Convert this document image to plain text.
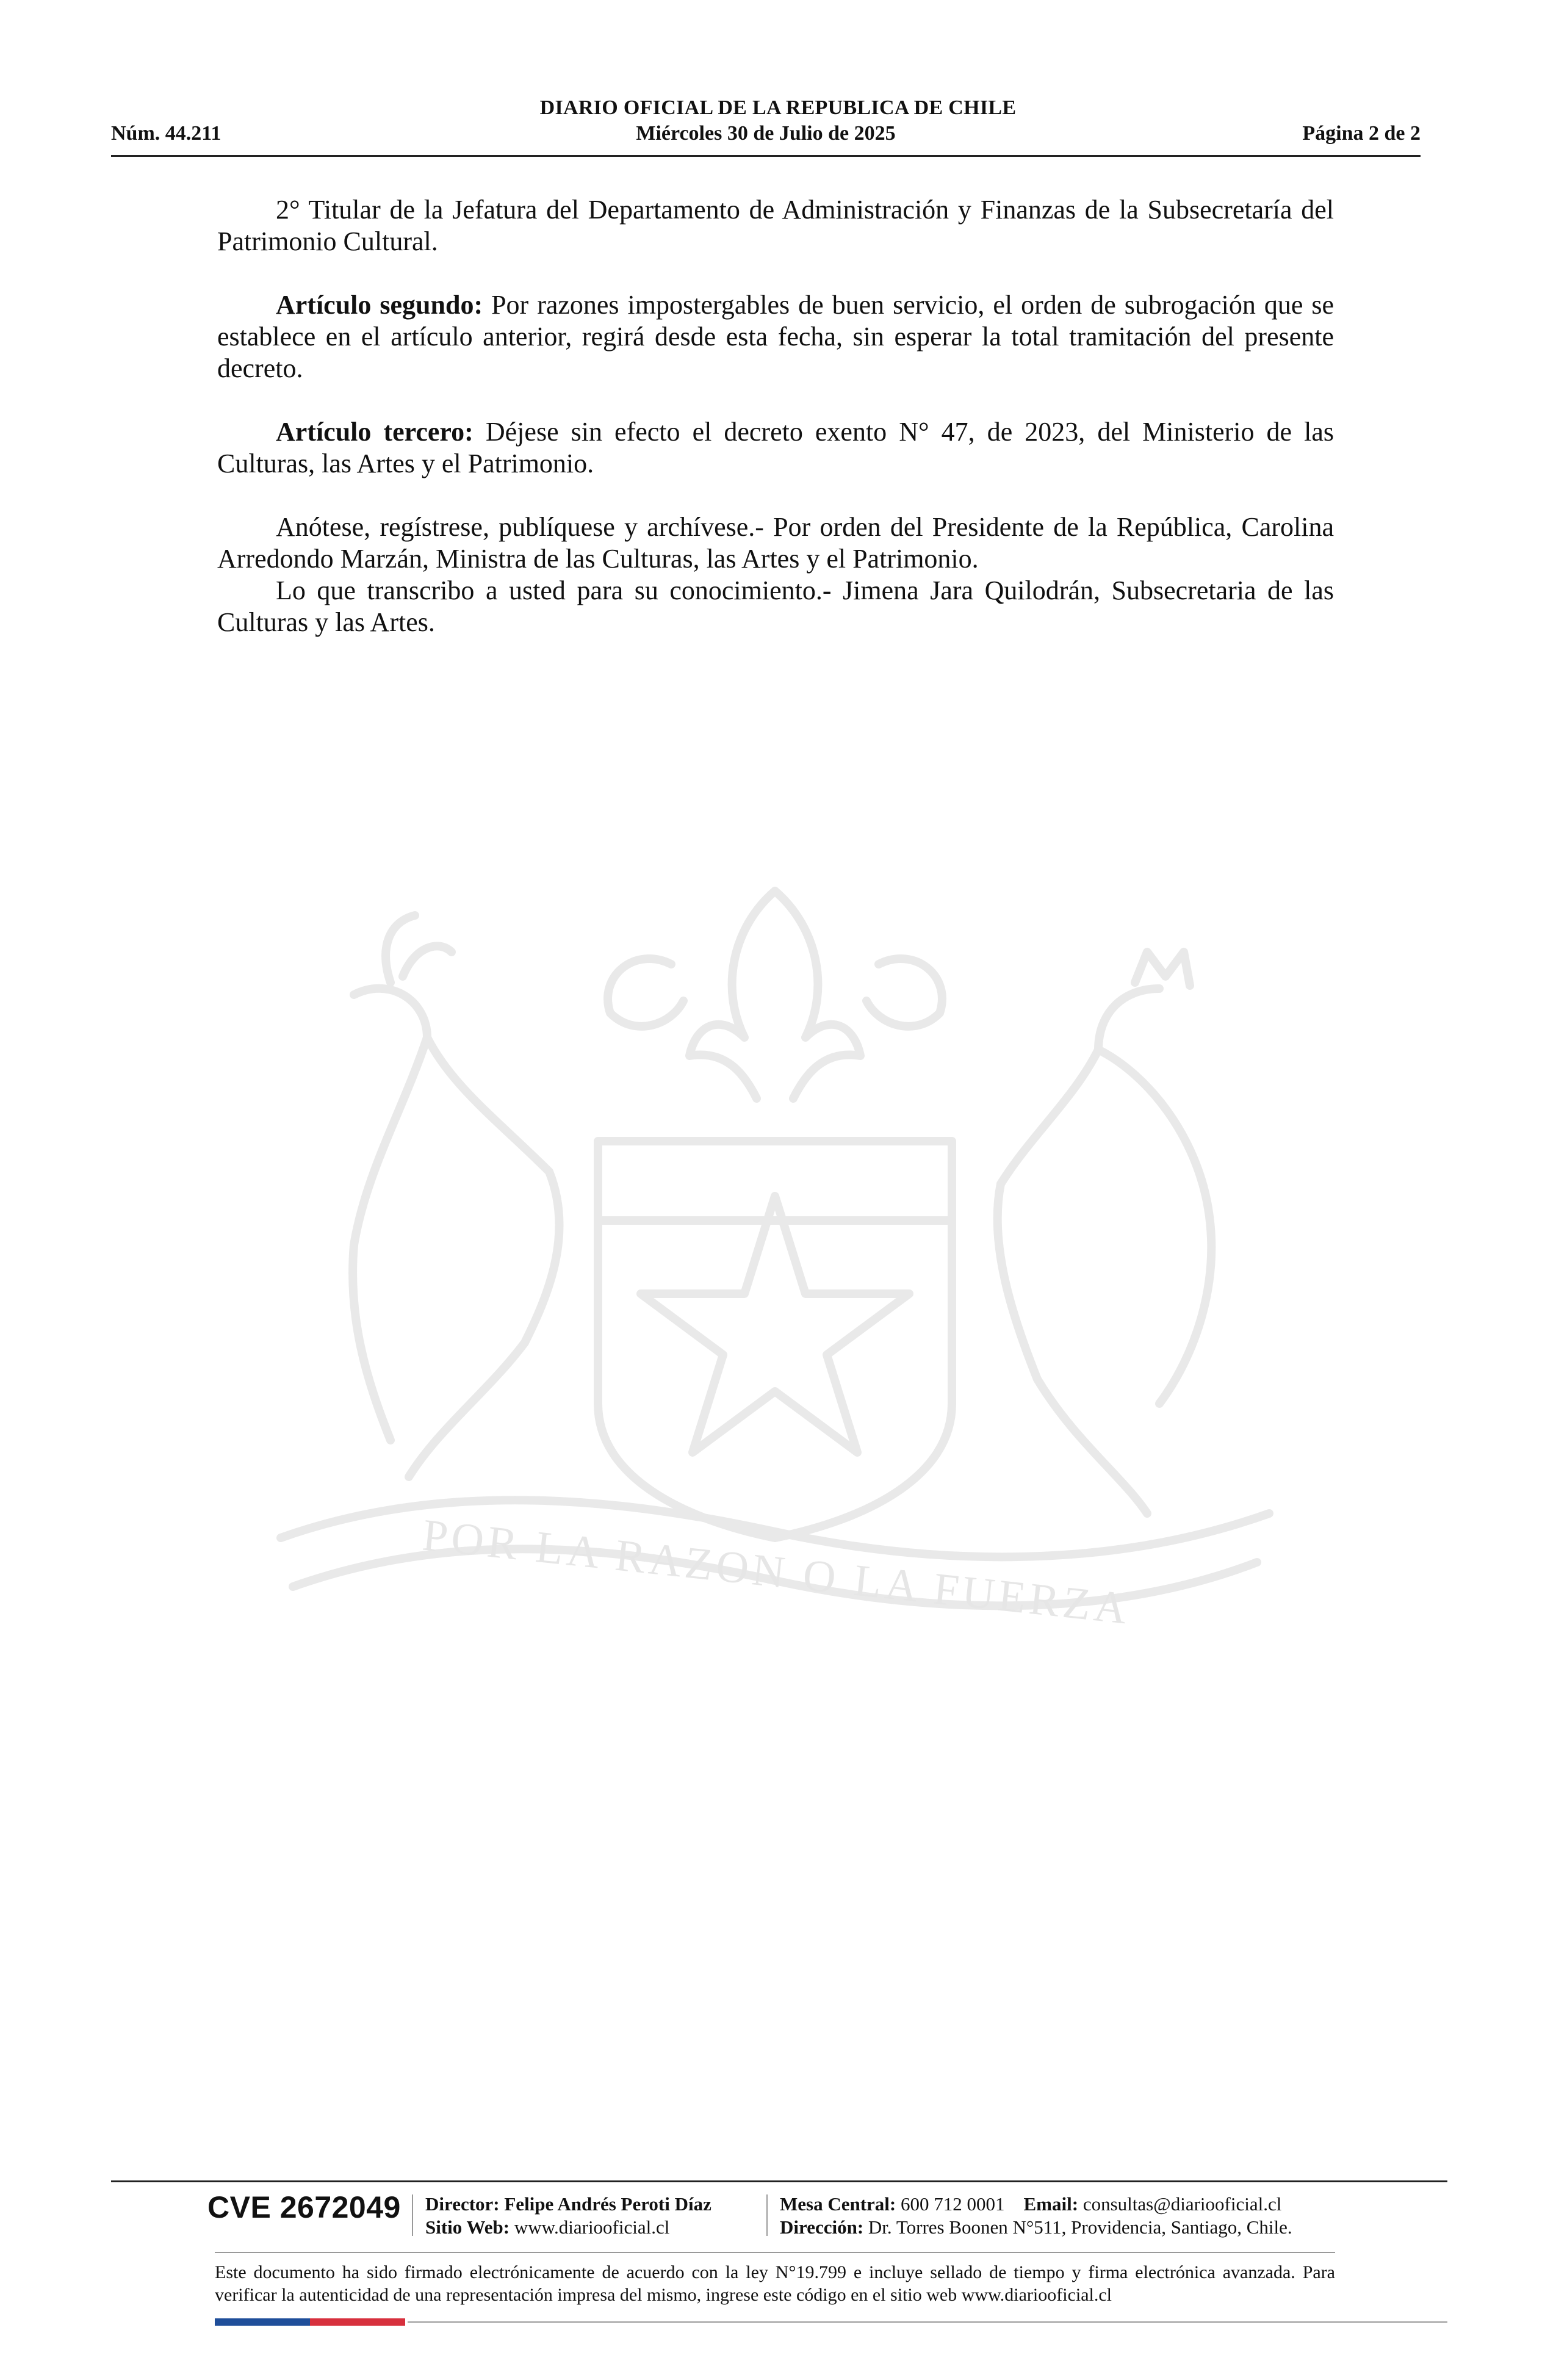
DIARIO OFICIAL DE LA REPUBLICA DE CHILE
Núm. 44.211	Miércoles 30 de Julio de 2025	Página 2 de 2
POR LA RAZON O LA FUERZA

2° Titular de la Jefatura del Departamento de Administración y Finanzas de la Subsecretaría del Patrimonio Cultural.

Artículo segundo: Por razones impostergables de buen servicio, el orden de subrogación que se establece en el artículo anterior, regirá desde esta fecha, sin esperar la total tramitación del presente decreto.

Artículo tercero: Déjese sin efecto el decreto exento N° 47, de 2023, del Ministerio de las Culturas, las Artes y el Patrimonio.

Anótese, regístrese, publíquese y archívese.- Por orden del Presidente de la República, Carolina Arredondo Marzán, Ministra de las Culturas, las Artes y el Patrimonio.

Lo que transcribo a usted para su conocimiento.- Jimena Jara Quilodrán, Subsecretaria de las Culturas y las Artes.

CVE 2672049 Director: Felipe Andrés Peroti Díaz
Sitio Web: www.diariooficial.cl
Mesa Central: 600 712 0001 Email: consultas@diariooficial.cl
Dirección: Dr. Torres Boonen N°511, Providencia, Santiago, Chile.
Este documento ha sido firmado electrónicamente de acuerdo con la ley N°19.799 e incluye sellado de tiempo y firma electrónica avanzada. Para verificar la autenticidad de una representación impresa del mismo, ingrese este código en el sitio web www.diariooficial.cl
